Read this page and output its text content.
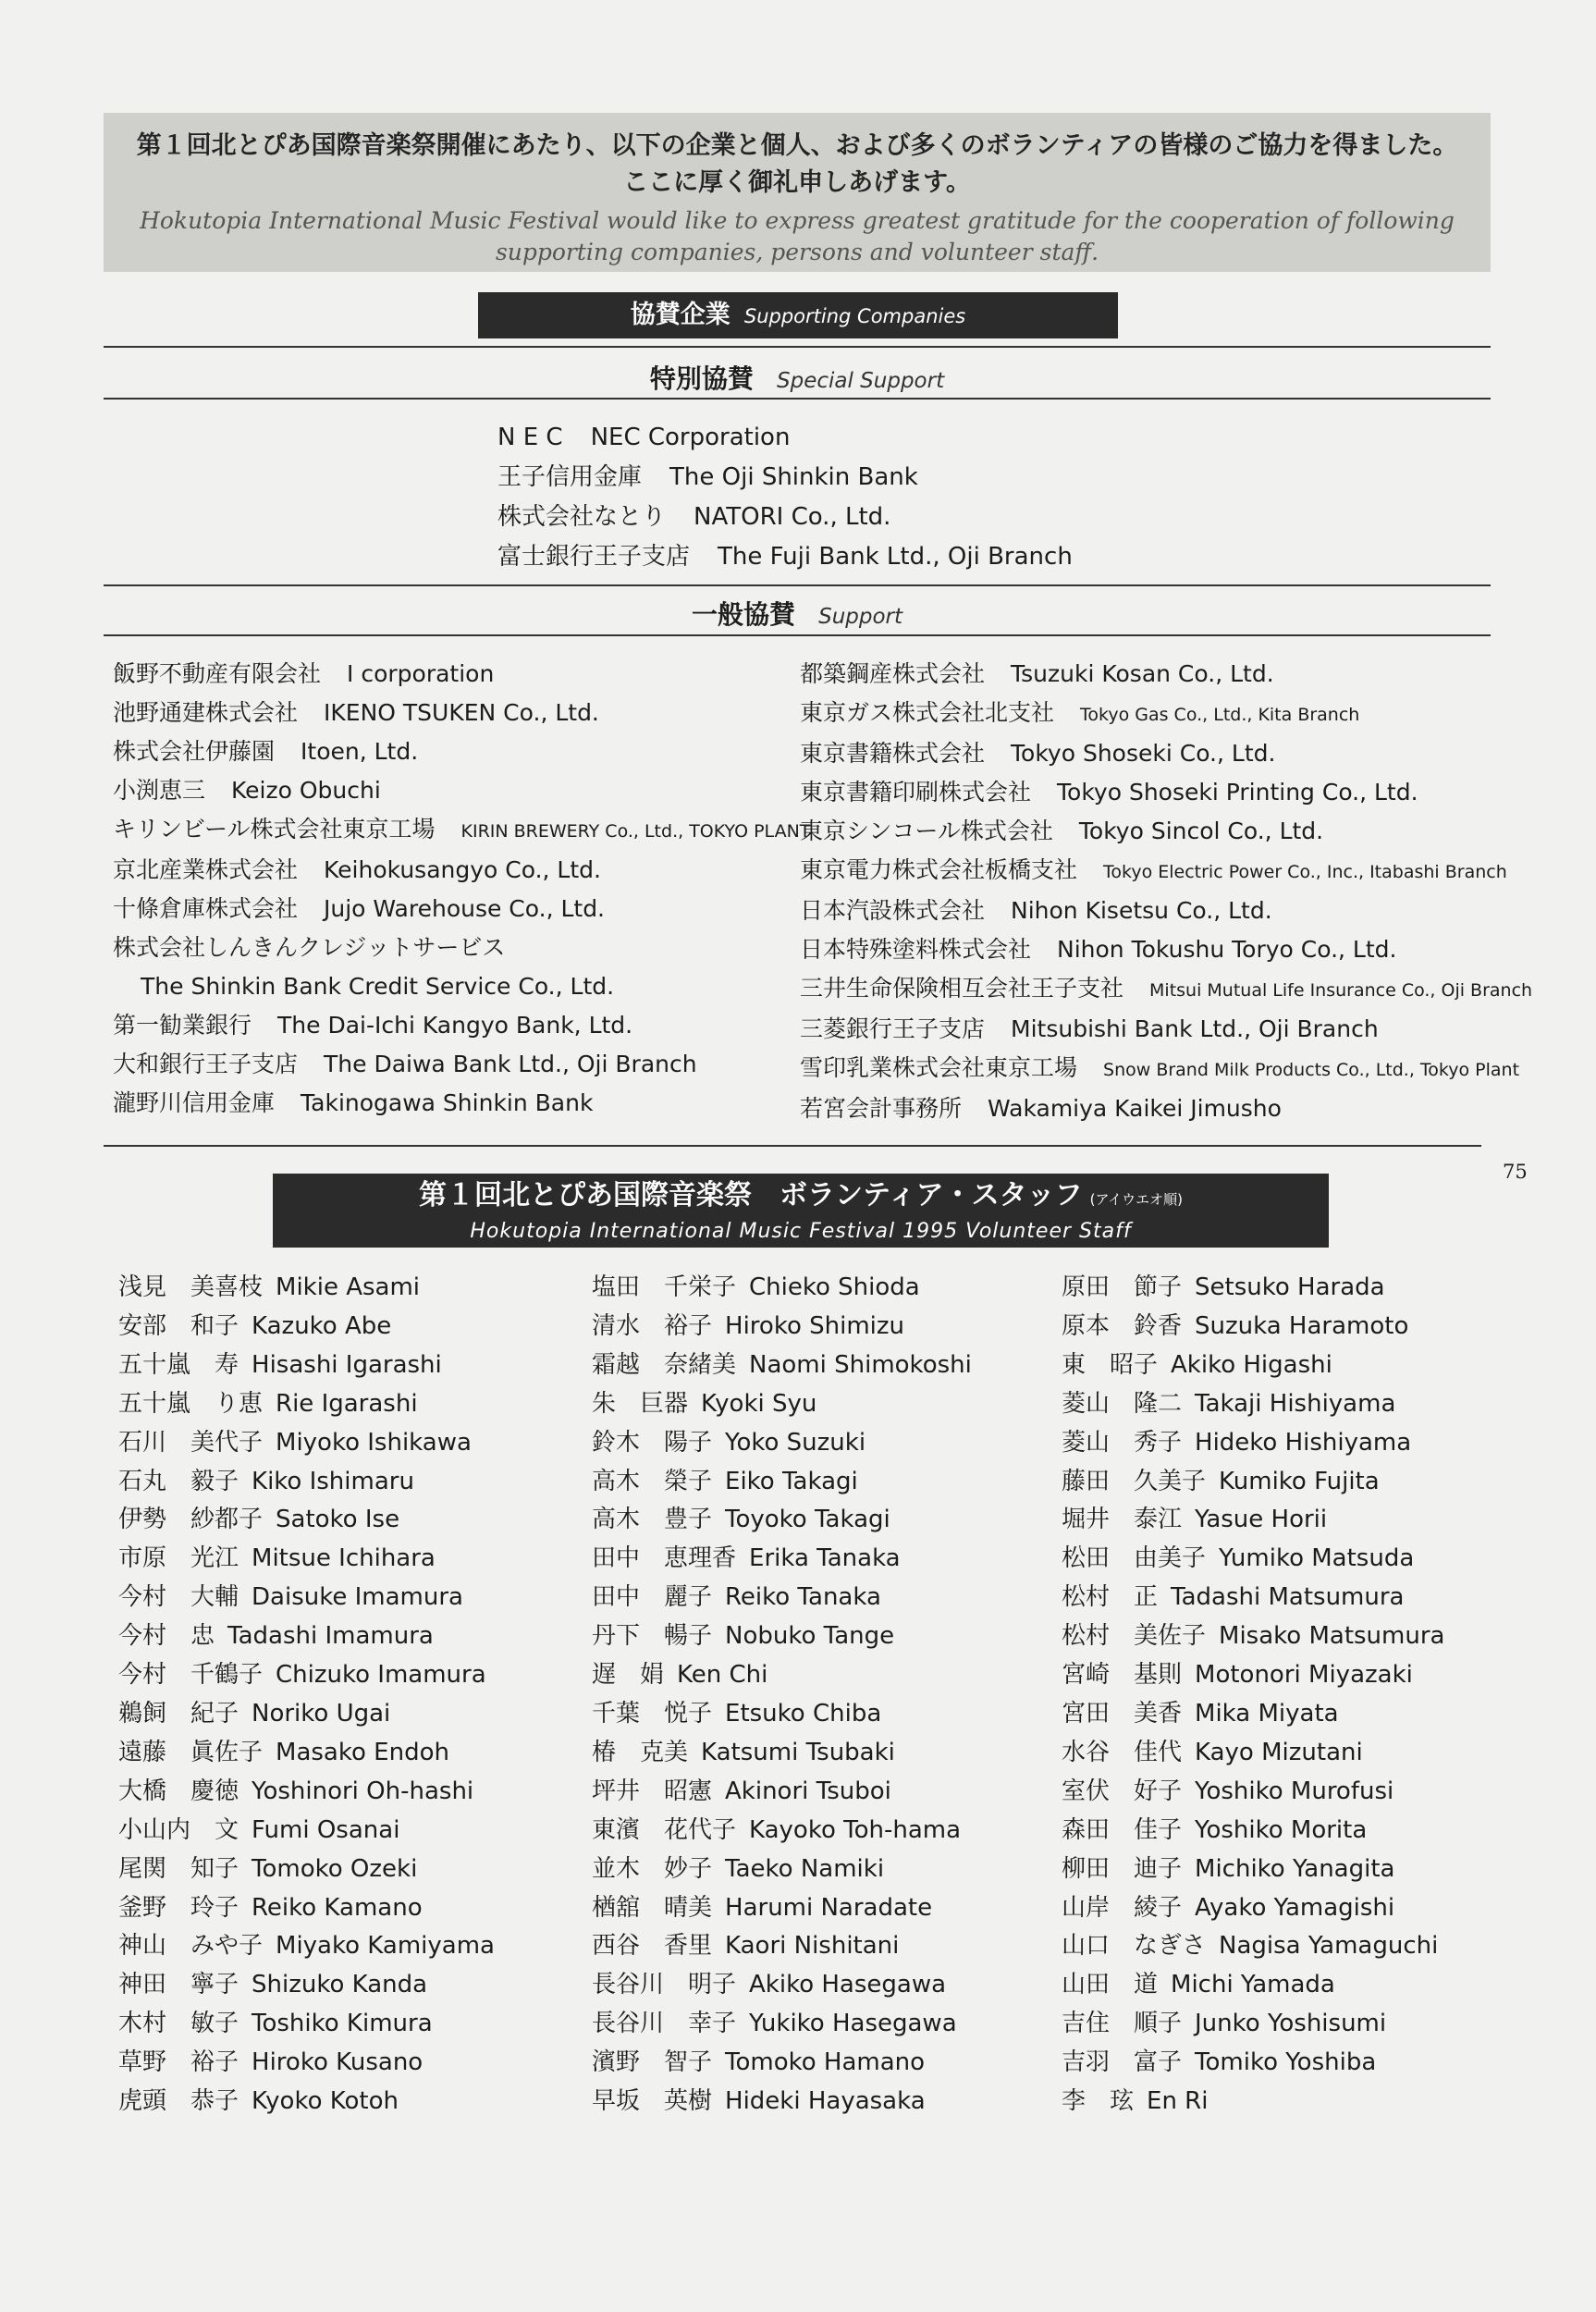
第１回北とぴあ国際音楽祭開催にあたり、以下の企業と個人、および多くのボランティアの皆様のご協力を得ました。
ここに厚く御礼申しあげます。
Hokutopia International Music Festival would like to express greatest gratitude for the cooperation of following
supporting companies, persons and volunteer staff.
協賛企業 Supporting Companies
特別協賛 Special Support
N E C NEC Corporation
王子信用金庫 The Oji Shinkin Bank
株式会社なとり NATORI Co., Ltd.
富士銀行王子支店 The Fuji Bank Ltd., Oji Branch
一般協賛 Support
飯野不動産有限会社 I corporation
池野通建株式会社 IKENO TSUKEN Co., Ltd.
株式会社伊藤園 Itoen, Ltd.
小渕恵三 Keizo Obuchi
キリンビール株式会社東京工場 KIRIN BREWERY Co., Ltd., TOKYO PLANT
京北産業株式会社 Keihokusangyo Co., Ltd.
十條倉庫株式会社 Jujo Warehouse Co., Ltd.
株式会社しんきんクレジットサービス
The Shinkin Bank Credit Service Co., Ltd.
第一勧業銀行 The Dai-Ichi Kangyo Bank, Ltd.
大和銀行王子支店 The Daiwa Bank Ltd., Oji Branch
瀧野川信用金庫 Takinogawa Shinkin Bank
都築鋼産株式会社 Tsuzuki Kosan Co., Ltd.
東京ガス株式会社北支社 Tokyo Gas Co., Ltd., Kita Branch
東京書籍株式会社 Tokyo Shoseki Co., Ltd.
東京書籍印刷株式会社 Tokyo Shoseki Printing Co., Ltd.
東京シンコール株式会社 Tokyo Sincol Co., Ltd.
東京電力株式会社板橋支社 Tokyo Electric Power Co., Inc., Itabashi Branch
日本汽設株式会社 Nihon Kisetsu Co., Ltd.
日本特殊塗料株式会社 Nihon Tokushu Toryo Co., Ltd.
三井生命保険相互会社王子支社 Mitsui Mutual Life Insurance Co., Oji Branch
三菱銀行王子支店 Mitsubishi Bank Ltd., Oji Branch
雪印乳業株式会社東京工場 Snow Brand Milk Products Co., Ltd., Tokyo Plant
若宮会計事務所 Wakamiya Kaikei Jimusho
75
第１回北とぴあ国際音楽祭　ボランティア・スタッフ (アイウエオ順)
Hokutopia International Music Festival 1995 Volunteer Staff
浅見　美喜枝 Mikie Asami
安部　和子 Kazuko Abe
五十嵐　寿 Hisashi Igarashi
五十嵐　り恵 Rie Igarashi
石川　美代子 Miyoko Ishikawa
石丸　毅子 Kiko Ishimaru
伊勢　紗都子 Satoko Ise
市原　光江 Mitsue Ichihara
今村　大輔 Daisuke Imamura
今村　忠 Tadashi Imamura
今村　千鶴子 Chizuko Imamura
鵜飼　紀子 Noriko Ugai
遠藤　眞佐子 Masako Endoh
大橋　慶徳 Yoshinori Oh-hashi
小山内　文 Fumi Osanai
尾関　知子 Tomoko Ozeki
釜野　玲子 Reiko Kamano
神山　みや子 Miyako Kamiyama
神田　寧子 Shizuko Kanda
木村　敏子 Toshiko Kimura
草野　裕子 Hiroko Kusano
虎頭　恭子 Kyoko Kotoh
塩田　千栄子 Chieko Shioda
清水　裕子 Hiroko Shimizu
霜越　奈緒美 Naomi Shimokoshi
朱　巨器 Kyoki Syu
鈴木　陽子 Yoko Suzuki
高木　榮子 Eiko Takagi
高木　豊子 Toyoko Takagi
田中　恵理香 Erika Tanaka
田中　麗子 Reiko Tanaka
丹下　暢子 Nobuko Tange
遅　娟 Ken Chi
千葉　悦子 Etsuko Chiba
椿　克美 Katsumi Tsubaki
坪井　昭憲 Akinori Tsuboi
東濱　花代子 Kayoko Toh-hama
並木　妙子 Taeko Namiki
楢舘　晴美 Harumi Naradate
西谷　香里 Kaori Nishitani
長谷川　明子 Akiko Hasegawa
長谷川　幸子 Yukiko Hasegawa
濱野　智子 Tomoko Hamano
早坂　英樹 Hideki Hayasaka
原田　節子 Setsuko Harada
原本　鈴香 Suzuka Haramoto
東　昭子 Akiko Higashi
菱山　隆二 Takaji Hishiyama
菱山　秀子 Hideko Hishiyama
藤田　久美子 Kumiko Fujita
堀井　泰江 Yasue Horii
松田　由美子 Yumiko Matsuda
松村　正 Tadashi Matsumura
松村　美佐子 Misako Matsumura
宮崎　基則 Motonori Miyazaki
宮田　美香 Mika Miyata
水谷　佳代 Kayo Mizutani
室伏　好子 Yoshiko Murofusi
森田　佳子 Yoshiko Morita
柳田　迪子 Michiko Yanagita
山岸　綾子 Ayako Yamagishi
山口　なぎさ Nagisa Yamaguchi
山田　道 Michi Yamada
吉住　順子 Junko Yoshisumi
吉羽　富子 Tomiko Yoshiba
李　玹 En Ri
